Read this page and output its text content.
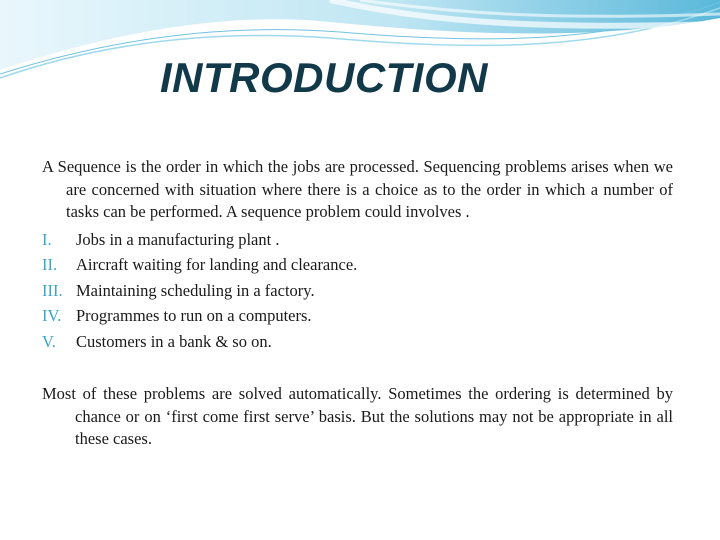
INTRODUCTION

A Sequence is the order in which the jobs are processed. Sequencing problems arises when we are concerned with situation where there is a choice as to the order in which a number of tasks can be performed. A sequence problem could involves .

I.	Jobs in a manufacturing plant .
II.	Aircraft waiting for landing and clearance.
III. Maintaining scheduling in a factory.
IV. Programmes to run on a computers.
V.	Customers in a bank & so on.

Most of these problems are solved automatically. Sometimes the ordering is determined by chance or on ‘first come first serve’ basis. But the solutions may not be appropriate in all these cases.
